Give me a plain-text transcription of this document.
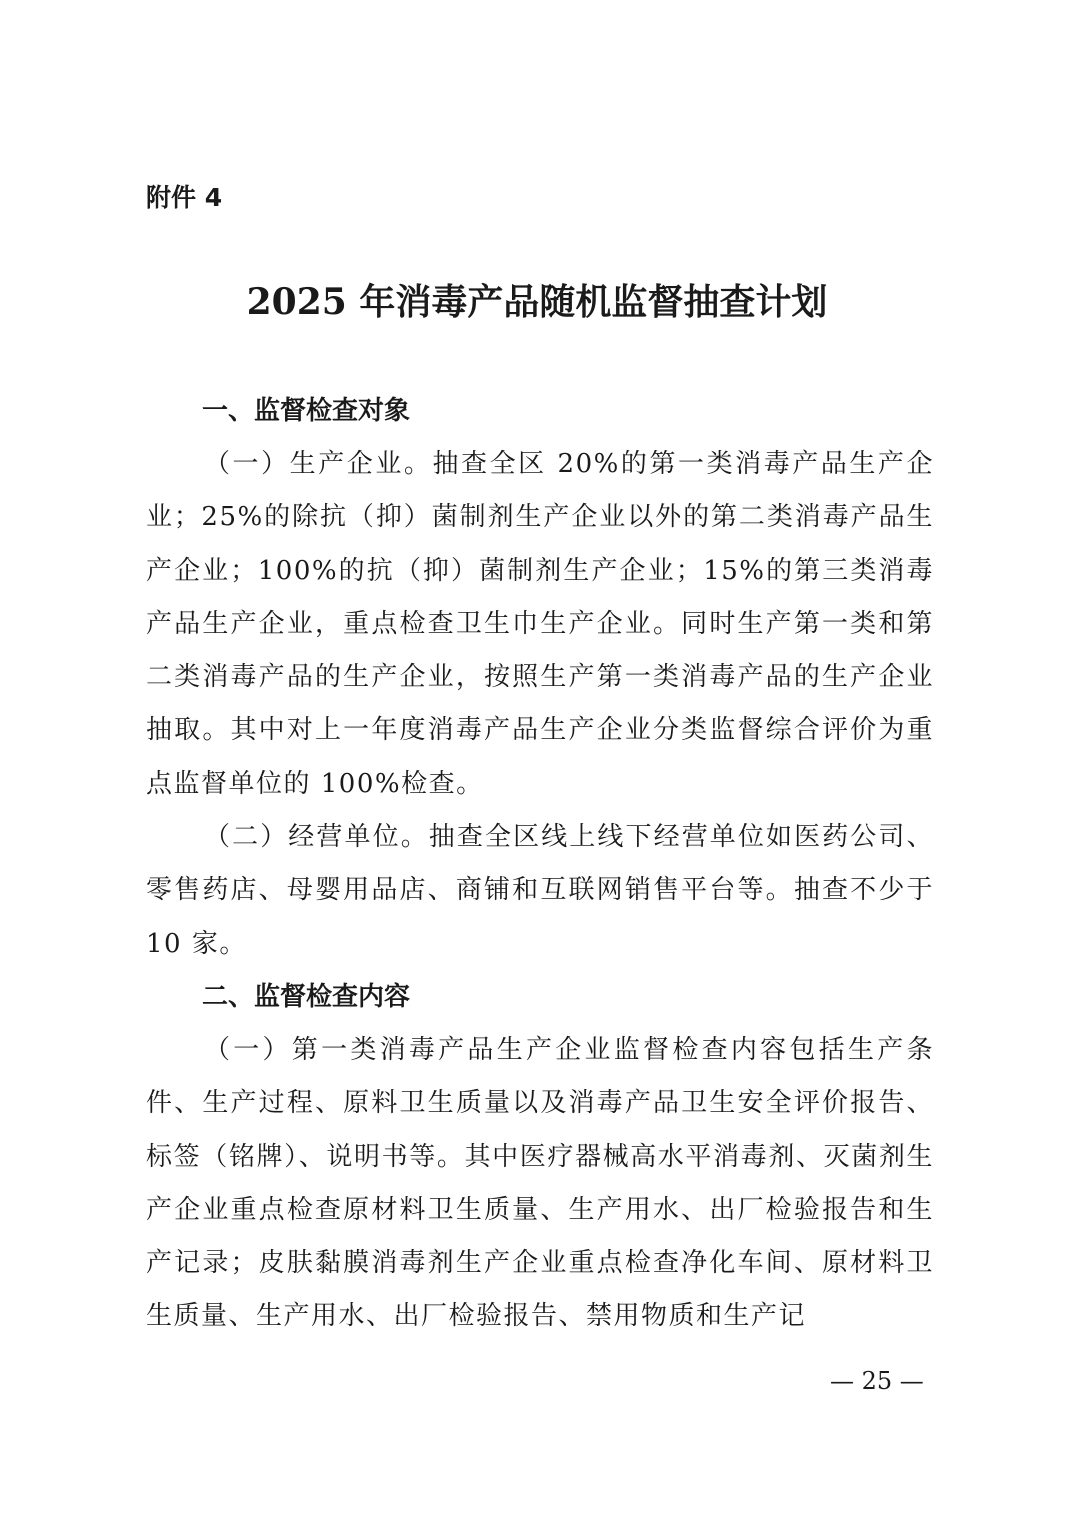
附件 4

2025 年消毒产品随机监督抽查计划
一、监督检查对象

（一）生产企业。抽查全区 20%的第一类消毒产品生产企业；25%的除抗（抑）菌制剂生产企业以外的第二类消毒产品生产企业；100%的抗（抑）菌制剂生产企业；15%的第三类消毒产品生产企业，重点检查卫生巾生产企业。同时生产第一类和第二类消毒产品的生产企业，按照生产第一类消毒产品的生产企业抽取。其中对上一年度消毒产品生产企业分类监督综合评价为重点监督单位的 100%检查。

（二）经营单位。抽查全区线上线下经营单位如医药公司、零售药店、母婴用品店、商铺和互联网销售平台等。抽查不少于 10 家。

二、监督检查内容

（一）第一类消毒产品生产企业监督检查内容包括生产条件、生产过程、原料卫生质量以及消毒产品卫生安全评价报告、标签（铭牌）、说明书等。其中医疗器械高水平消毒剂、灭菌剂生产企业重点检查原材料卫生质量、生产用水、出厂检验报告和生产记录；皮肤黏膜消毒剂生产企业重点检查净化车间、原材料卫生质量、生产用水、出厂检验报告、禁用物质和生产记

— 25 —
